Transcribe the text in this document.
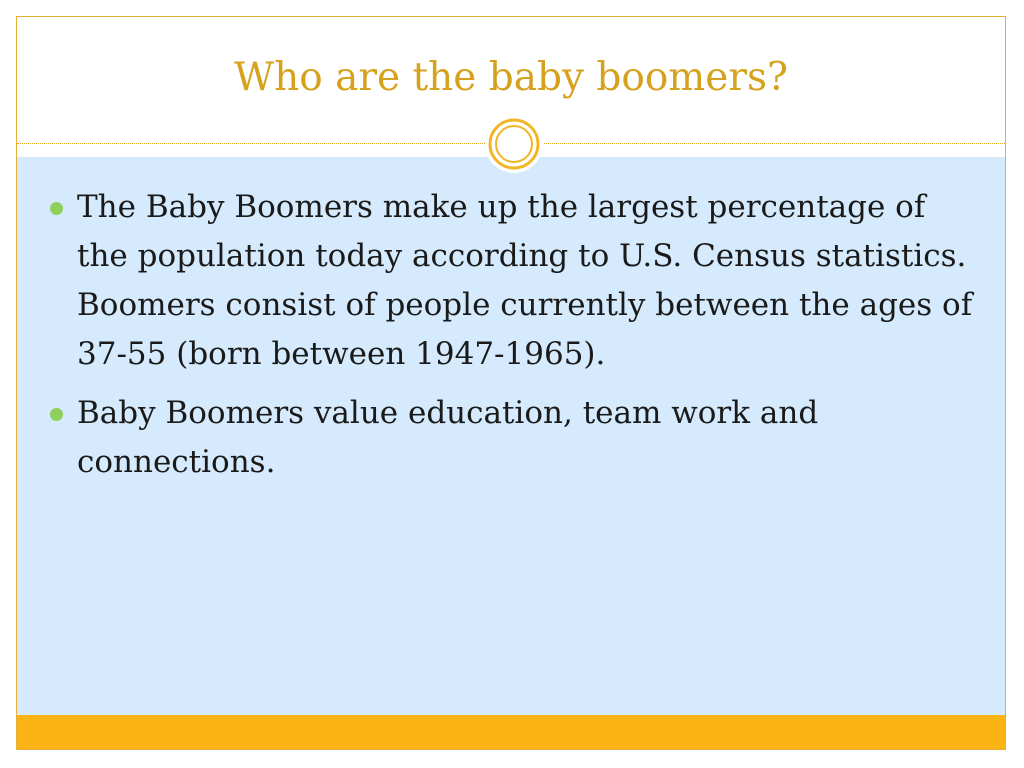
Who are the baby boomers?
The Baby Boomers make up the largest percentage of the population today according to U.S. Census statistics. Boomers consist of people currently between the ages of 37-55 (born between 1947-1965).
Baby Boomers value education, team work and connections.
